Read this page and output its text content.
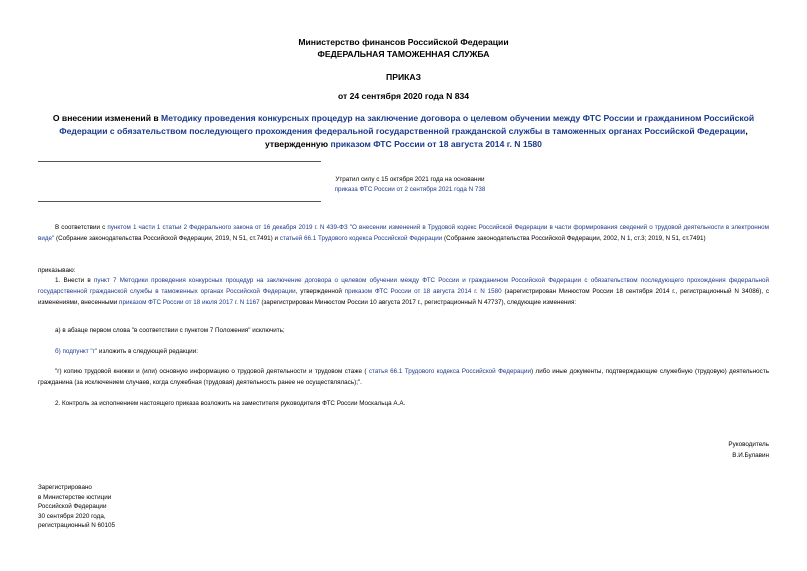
Министерство финансов Российской Федерации
ФЕДЕРАЛЬНАЯ ТАМОЖЕННАЯ СЛУЖБА
ПРИКАЗ
от 24 сентября 2020 года N 834
О внесении изменений в Методику проведения конкурсных процедур на заключение договора о целевом обучении между ФТС России и гражданином Российской Федерации с обязательством последующего прохождения федеральной государственной гражданской службы в таможенных органах Российской Федерации, утвержденную приказом ФТС России от 18 августа 2014 г. N 1580
Утратил силу с 15 октября 2021 года на основании
приказа ФТС России от 2 сентября 2021 года N 738
В соответствии с пунктом 1 части 1 статьи 2 Федерального закона от 16 декабря 2019 г. N 439-ФЗ "О внесении изменений в Трудовой кодекс Российской Федерации в части формирования сведений о трудовой деятельности в электронном виде" (Собрание законодательства Российской Федерации, 2019, N 51, ст.7491) и статьей 66.1 Трудового кодекса Российской Федерации (Собрание законодательства Российской Федерации, 2002, N 1, ст.3; 2019, N 51, ст.7491)
приказываю:
1. Внести в пункт 7 Методики проведения конкурсных процедур на заключение договора о целевом обучении между ФТС России и гражданином Российской Федерации с обязательством последующего прохождения федеральной государственной гражданской службы в таможенных органах Российской Федерации, утвержденной приказом ФТС России от 18 августа 2014 г. N 1580 (зарегистрирован Минюстом России 18 сентября 2014 г., регистрационный N 34086), с изменениями, внесенными приказом ФТС России от 18 июля 2017 г. N 1167 (зарегистрирован Минюстом России 10 августа 2017 г., регистрационный N 47737), следующие изменения:
а) в абзаце первом слова "в соответствии с пунктом 7 Положения" исключить;
б) подпункт "г" изложить в следующей редакции:
"г) копию трудовой книжки и (или) основную информацию о трудовой деятельности и трудовом стаже ( статья 66.1 Трудового кодекса Российской Федерации) либо иные документы, подтверждающие служебную (трудовую) деятельность гражданина (за исключением случаев, когда служебная (трудовая) деятельность ранее не осуществлялась);".
2. Контроль за исполнением настоящего приказа возложить на заместителя руководителя ФТС России Москальца А.А.
Руководитель
В.И.Булавин
Зарегистрировано
в Министерстве юстиции
Российской Федерации
30 сентября 2020 года,
регистрационный N 60105
